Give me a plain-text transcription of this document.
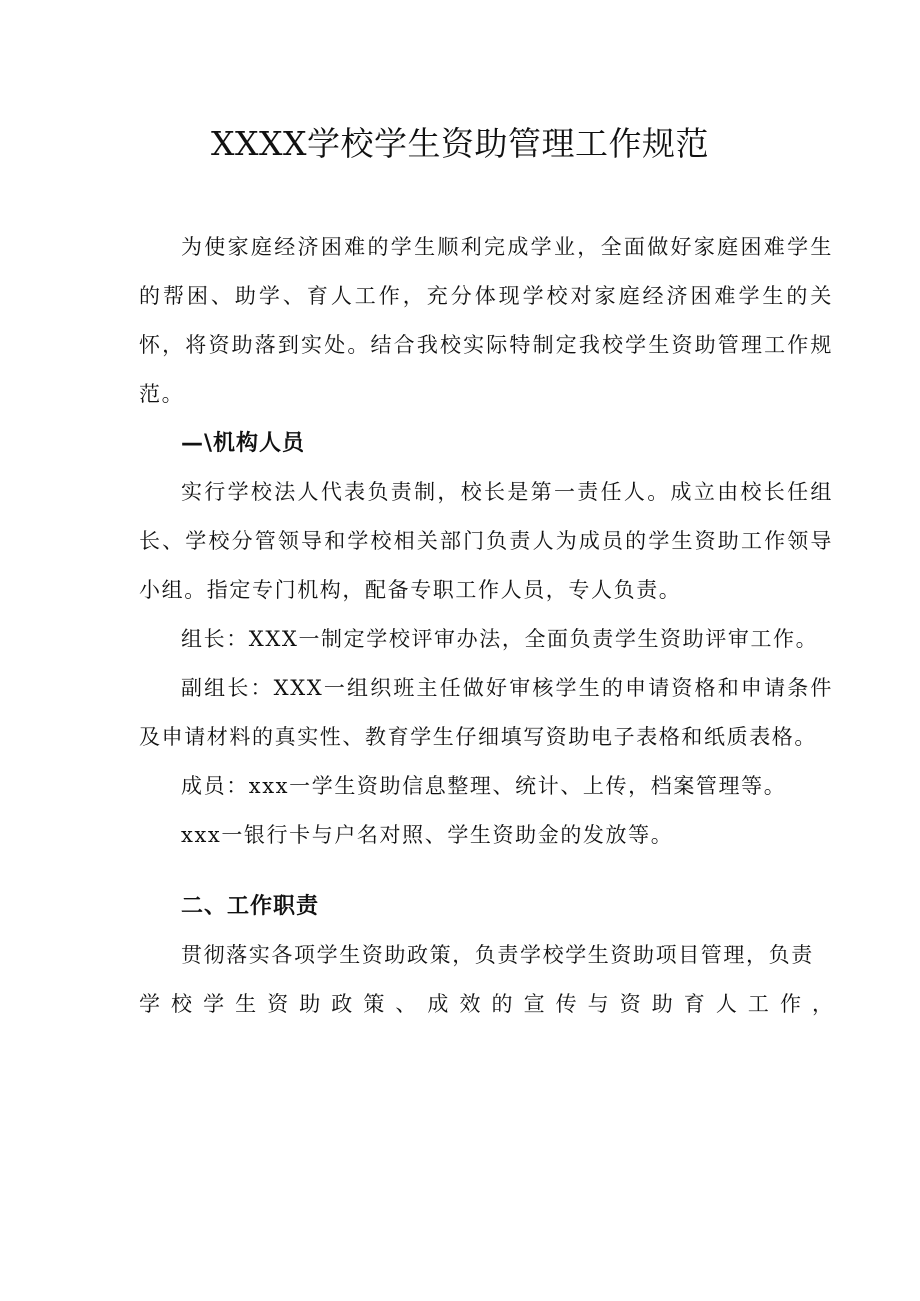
XXXX学校学生资助管理工作规范

为使家庭经济困难的学生顺利完成学业，全面做好家庭困难学生的帮困、助学、育人工作，充分体现学校对家庭经济困难学生的关怀，将资助落到实处。结合我校实际特制定我校学生资助管理工作规范。

—\机构人员

实行学校法人代表负责制，校长是第一责任人。成立由校长任组长、学校分管领导和学校相关部门负责人为成员的学生资助工作领导小组。指定专门机构，配备专职工作人员，专人负责。

组长：XXX一制定学校评审办法，全面负责学生资助评审工作。

副组长：XXX一组织班主任做好审核学生的申请资格和申请条件及申请材料的真实性、教育学生仔细填写资助电子表格和纸质表格。

成员：xxx一学生资助信息整理、统计、上传，档案管理等。

xxx一银行卡与户名对照、学生资助金的发放等。

二、工作职责

贯彻落实各项学生资助政策，负责学校学生资助项目管理，负责

学校学生资助政策、成效的宣传与资助育人工作，
